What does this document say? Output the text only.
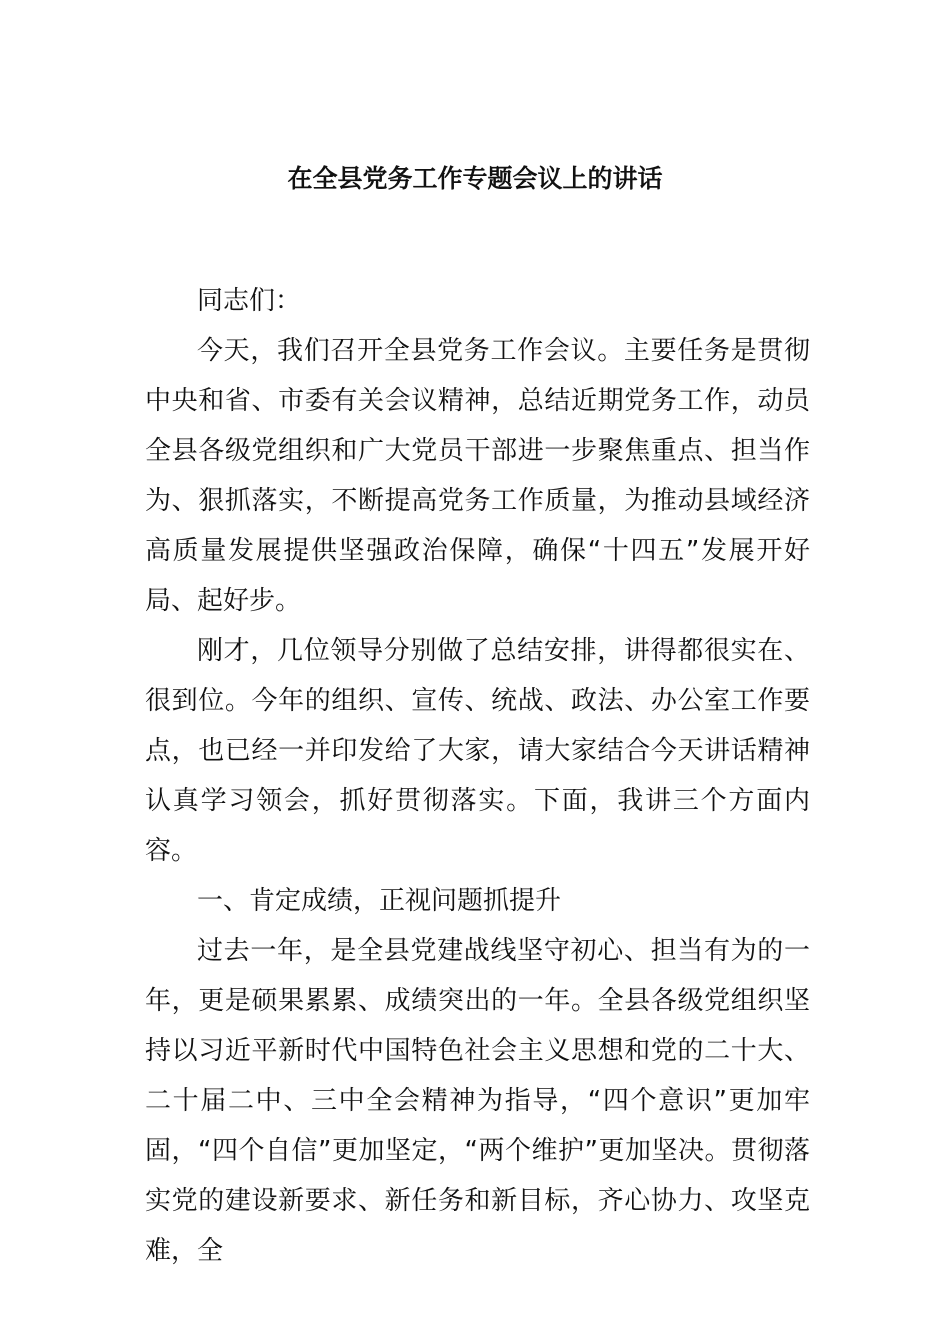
在全县党务工作专题会议上的讲话

同志们：

今天，我们召开全县党务工作会议。主要任务是贯彻中央和省、市委有关会议精神，总结近期党务工作，动员全县各级党组织和广大党员干部进一步聚焦重点、担当作为、狠抓落实，不断提高党务工作质量，为推动县域经济高质量发展提供坚强政治保障，确保“十四五”发展开好局、起好步。

刚才，几位领导分别做了总结安排，讲得都很实在、很到位。今年的组织、宣传、统战、政法、办公室工作要点，也已经一并印发给了大家，请大家结合今天讲话精神认真学习领会，抓好贯彻落实。下面，我讲三个方面内容。

一、肯定成绩，正视问题抓提升

过去一年，是全县党建战线坚守初心、担当有为的一年，更是硕果累累、成绩突出的一年。全县各级党组织坚持以习近平新时代中国特色社会主义思想和党的二十大、二十届二中、三中全会精神为指导，“四个意识”更加牢固，“四个自信”更加坚定，“两个维护”更加坚决。贯彻落实党的建设新要求、新任务和新目标，齐心协力、攻坚克难，全
